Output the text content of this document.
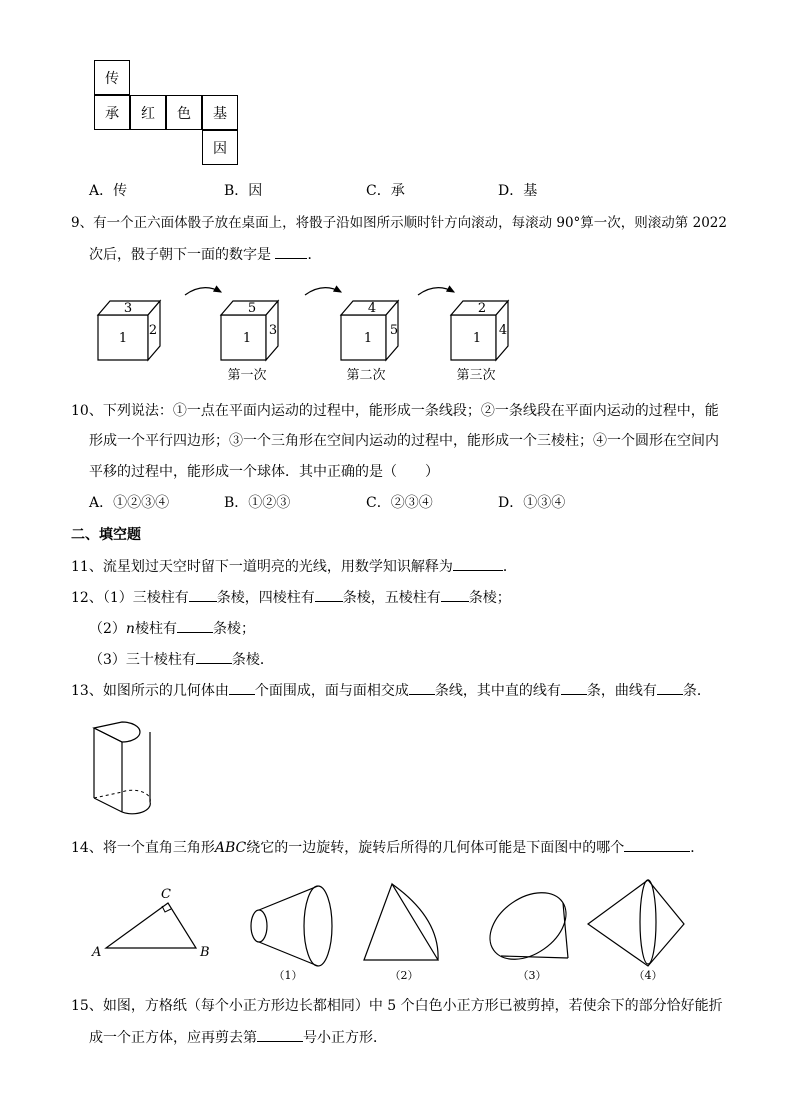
传
承	红	色	基
因
A．传	B．因	C．承	D．基
9、有一个正六面体骰子放在桌面上，将骰子沿如图所示顺时针方向滚动，每滚动 90°算一次，则滚动第 2022
次后，骰子朝下一面的数字是	．
3
1
2
5
1
3
第一次
4
1
5
第二次
2
1
4
第三次
10、下列说法：①一点在平面内运动的过程中，能形成一条线段；②一条线段在平面内运动的过程中，能
形成一个平行四边形；③一个三角形在空间内运动的过程中，能形成一个三棱柱；④一个圆形在空间内
平移的过程中，能形成一个球体．其中正确的是（　　）
A．①②③④	B．①②③	C．②③④	D．①③④
二、填空题
11、流星划过天空时留下一道明亮的光线，用数学知识解释为	．
12、（1）三棱柱有 条棱，四棱柱有 条棱，五棱柱有 条棱；
（2）n棱柱有	条棱；
（3）三十棱柱有	条棱．
13、如图所示的几何体由 个面围成，面与面相交成 条线，其中直的线有 条，曲线有 条．
14、将一个直角三角形ABC绕它的一边旋转，旋转后所得的几何体可能是下面图中的哪个	．
A	B
C
（1）	（2）	（3）	（4）
15、如图，方格纸（每个小正方形边长都相同）中 5 个白色小正方形已被剪掉，若使余下的部分恰好能折
成一个正方体，应再剪去第	号小正方形．
